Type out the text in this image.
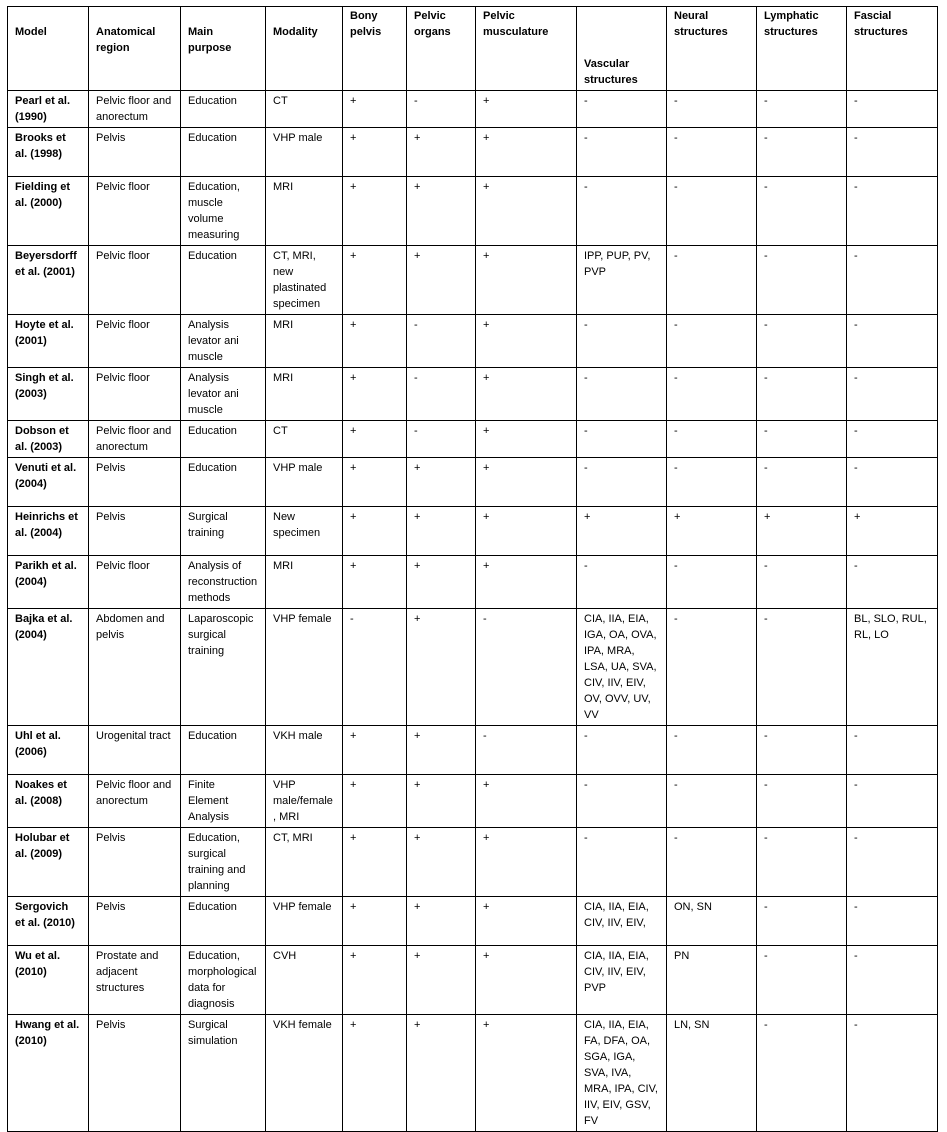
Model	Anatomical region	Main purpose	Modality	Bony pelvis	Pelvic organs	Pelvic musculature	Vascular structures	Neural structures	Lymphatic structures	Fascial structures
Pearl et al. (1990)	Pelvic floor and anorectum	Education	CT	+	-	+	-	-	-	-
Brooks et al. (1998)	Pelvis	Education	VHP male	+	+	+	-	-	-	-
Fielding et al. (2000)	Pelvic floor	Education, muscle volume measuring	MRI	+	+	+	-	-	-	-
Beyersdorff et al. (2001)	Pelvic floor	Education	CT, MRI, new plastinated specimen	+	+	+	IPP, PUP, PV, PVP	-	-	-
Hoyte et al. (2001)	Pelvic floor	Analysis levator ani muscle	MRI	+	-	+	-	-	-	-
Singh et al. (2003)	Pelvic floor	Analysis levator ani muscle	MRI	+	-	+	-	-	-	-
Dobson et al. (2003)	Pelvic floor and anorectum	Education	CT	+	-	+	-	-	-	-
Venuti et al. (2004)	Pelvis	Education	VHP male	+	+	+	-	-	-	-
Heinrichs et al. (2004)	Pelvis	Surgical training	New specimen	+	+	+	+	+	+	+
Parikh et al. (2004)	Pelvic floor	Analysis of reconstruction methods	MRI	+	+	+	-	-	-	-
Bajka et al. (2004)	Abdomen and pelvis	Laparoscopic surgical training	VHP female	-	+	-	CIA, IIA, EIA, IGA, OA, OVA, IPA, MRA, LSA, UA, SVA, CIV, IIV, EIV, OV, OVV, UV, VV	-	-	BL, SLO, RUL, RL, LO
Uhl et al. (2006)	Urogenital tract	Education	VKH male	+	+	-	-	-	-	-
Noakes et al. (2008)	Pelvic floor and anorectum	Finite Element Analysis	VHP male/female, MRI	+	+	+	-	-	-	-
Holubar et al. (2009)	Pelvis	Education, surgical training and planning	CT, MRI	+	+	+	-	-	-	-
Sergovich et al. (2010)	Pelvis	Education	VHP female	+	+	+	CIA, IIA, EIA, CIV, IIV, EIV,	ON, SN	-	-
Wu et al. (2010)	Prostate and adjacent structures	Education, morphological data for diagnosis	CVH	+	+	+	CIA, IIA, EIA, CIV, IIV, EIV, PVP	PN	-	-
Hwang et al. (2010)	Pelvis	Surgical simulation	VKH female	+	+	+	CIA, IIA, EIA, FA, DFA, OA, SGA, IGA, SVA, IVA, MRA, IPA, CIV, IIV, EIV, GSV, FV	LN, SN	-	-
